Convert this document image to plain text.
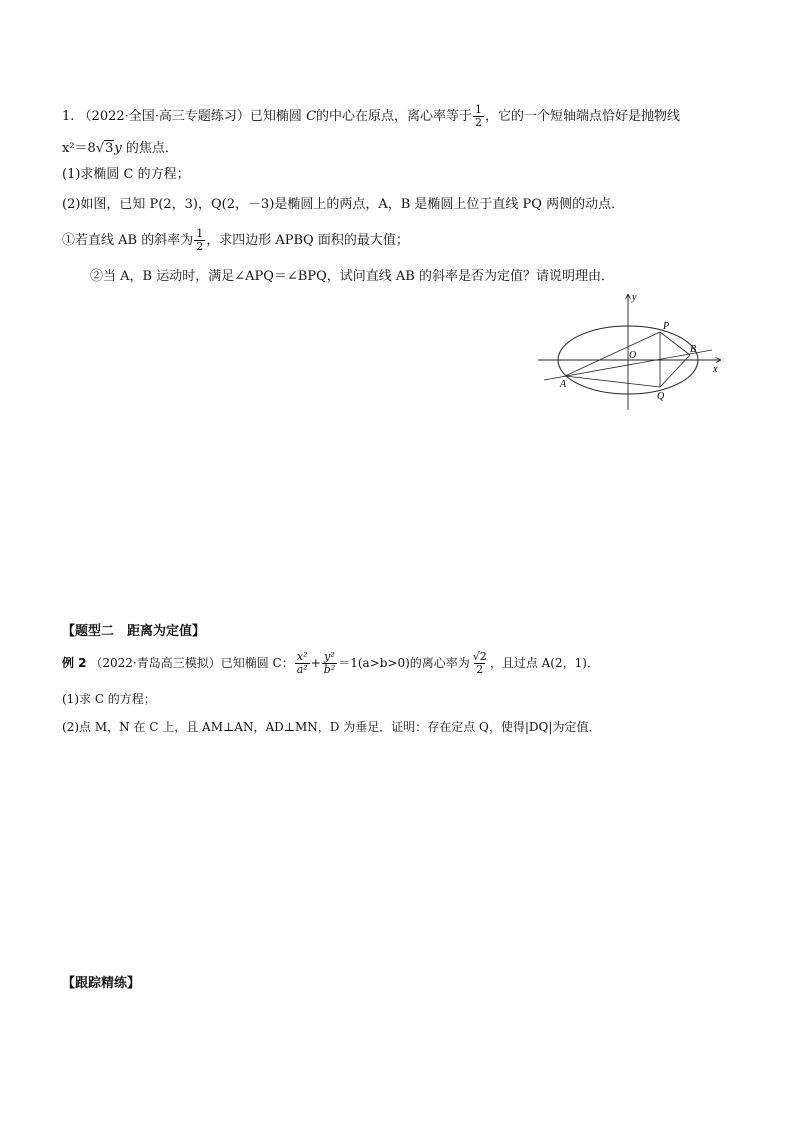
1. （2022·全国·高三专题练习）已知椭圆 C的中心在原点，离心率等于 $\frac{1}{2}$ ，它的一个短轴端点恰好是抛物线
x²＝8√3y 的焦点．
(1)求椭圆 C 的方程；
(2)如图，已知 P(2，3)，Q(2，－3)是椭圆上的两点，A，B 是椭圆上位于直线 PQ 两侧的动点．
①若直线 AB 的斜率为 $\frac{1}{2}$ ，求四边形 APBQ 面积的最大值；
②当 A，B 运动时，满足∠APQ＝∠BPQ，试问直线 AB 的斜率是否为定值？请说明理由．
y
x
P
O
B
A
Q
【题型二　距离为定值】
例 2 （2022·青岛高三模拟）已知椭圆 C： $\frac{\text{x²}}{\text{a²}} + \frac{\text{y²}}{\text{b²}} =1(a>b>0)$的离心率为 $\frac{√2}{2}$ ，且过点 A(2，1)．
(1)求 C 的方程；
(2)点 M，N 在 C 上，且 AM⊥AN，AD⊥MN，D 为垂足．证明：存在定点 Q，使得|DQ|为定值．
【跟踪精练】
